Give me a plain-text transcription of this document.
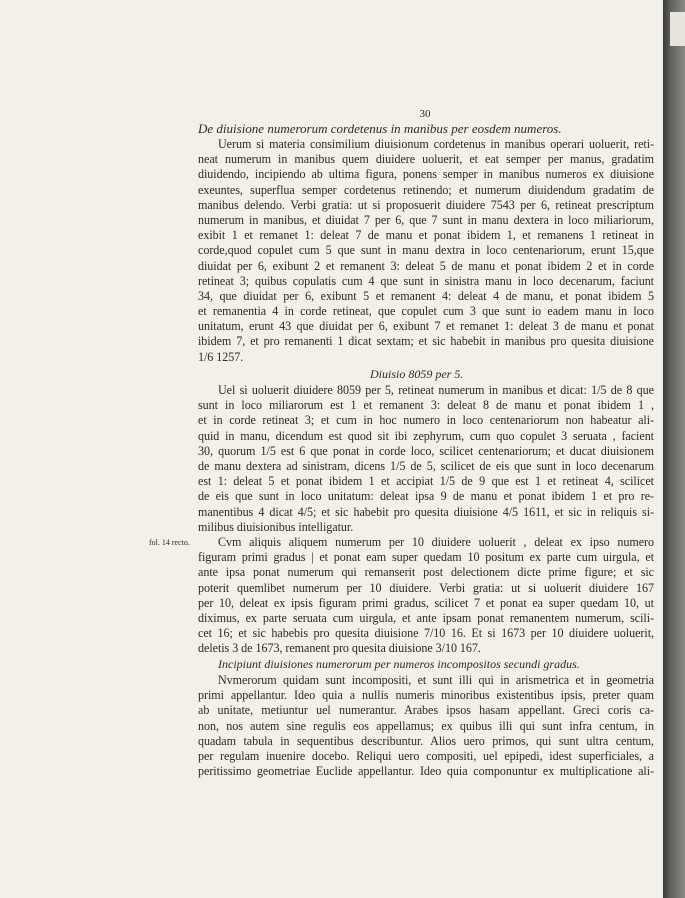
30
De diuisione numerorum cordetenus in manibus per eosdem numeros.
Uerum si materia consimilium diuisionum cordetenus in manibus operari uoluerit, reti-
neat numerum in manibus quem diuidere uoluerit, et eat semper per manus, gradatim
diuidendo, incipiendo ab ultima figura, ponens semper in manibus numeros ex diuisione
exeuntes, superflua semper cordetenus retinendo; et numerum diuidendum gradatim de
manibus delendo. Verbi gratia: ut si proposuerit diuidere 7543 per 6, retineat prescriptum
numerum in manibus, et diuidat 7 per 6, que 7 sunt in manu dextera in loco miliariorum,
exibit 1 et remanet 1: deleat 7 de manu et ponat ibidem 1, et remanens 1 retineat in
corde,quod copulet cum 5 que sunt in manu dextra in loco centenariorum, erunt 15,que
diuidat per 6, exibunt 2 et remanent 3: deleat 5 de manu et ponat ibidem 2 et in corde
retineat 3; quibus copulatis cum 4 que sunt in sinistra manu in loco decenarum, faciunt
34, que diuidat per 6, exibunt 5 et remanent 4: deleat 4 de manu, et ponat ibidem 5
et remanentia 4 in corde retineat, que copulet cum 3 que sunt io eadem manu in loco
unitatum, erunt 43 que diuidat per 6, exibunt 7 et remanet 1: deleat 3 de manu et ponat
ibidem 7, et pro remanenti 1 dicat sextam; et sic habebit in manibus pro quesita diuisione
1/6 1257.
Diuisio 8059 per 5.
Uel si uoluerit diuidere 8059 per 5, retineat numerum in manibus et dicat: 1/5 de 8 que
sunt in loco miliarorum est 1 et remanent 3: deleat 8 de manu et ponat ibidem 1 ,
et in corde retineat 3; et cum in hoc numero in loco centenariorum non habeatur ali-
quid in manu, dicendum est quod sit ibi zephyrum, cum quo copulet 3 seruata , facient
30, quorum 1/5 est 6 que ponat in corde loco, scilicet centenariorum; et ducat diuisionem
de manu dextera ad sinistram, dicens 1/5 de 5, scilicet de eis que sunt in loco decenarum
est 1: deleat 5 et ponat ibidem 1 et accipiat 1/5 de 9 que est 1 et retineat 4, scilicet
de eis que sunt in loco unitatum: deleat ipsa 9 de manu et ponat ibidem 1 et pro re-
manentibus 4 dicat 4/5; et sic habebit pro quesita diuisione 4/5 1611, et sic in reliquis si-
milibus diuisionibus intelligatur.
fol. 14 recto.	Cvm aliquis aliquem numerum per 10 diuidere uoluerit , deleat ex ipso numero
figuram primi gradus | et ponat eam super quedam 10 positum ex parte cum uirgula, et
ante ipsa ponat numerum qui remanserit post delectionem dicte prime figure; et sic
poterit quemlibet numerum per 10 diuidere. Verbi gratia: ut si uoluerit diuidere 167
per 10, deleat ex ipsis figuram primi gradus, scilicet 7 et ponat ea super quedam 10, ut
diximus, ex parte seruata cum uirgula, et ante ipsam ponat remanentem numerum, scili-
cet 16; et sic habebis pro quesita diuisione 7/10 16. Et si 1673 per 10 diuidere uoluerit,
deletis 3 de 1673, remanent pro quesita diuisione 3/10 167.
Incipiunt diuisiones numerorum per numeros incompositos secundi gradus.
Nvmerorum quidam sunt incompositi, et sunt illi qui in arismetrica et in geometria
primi appellantur. Ideo quia a nullis numeris minoribus existentibus ipsis, preter quam
ab unitate, metiuntur uel numerantur. Arabes ipsos hasam appellant. Greci coris ca-
non, nos autem sine regulis eos appellamus; ex quibus illi qui sunt infra centum, in
quadam tabula in sequentibus describuntur. Alios uero primos, qui sunt ultra centum,
per regulam inuenire docebo. Reliqui uero compositi, uel epipedi, idest superficiales, a
peritissimo geometriae Euclide appellantur. Ideo quia componuntur ex multiplicatione ali-
